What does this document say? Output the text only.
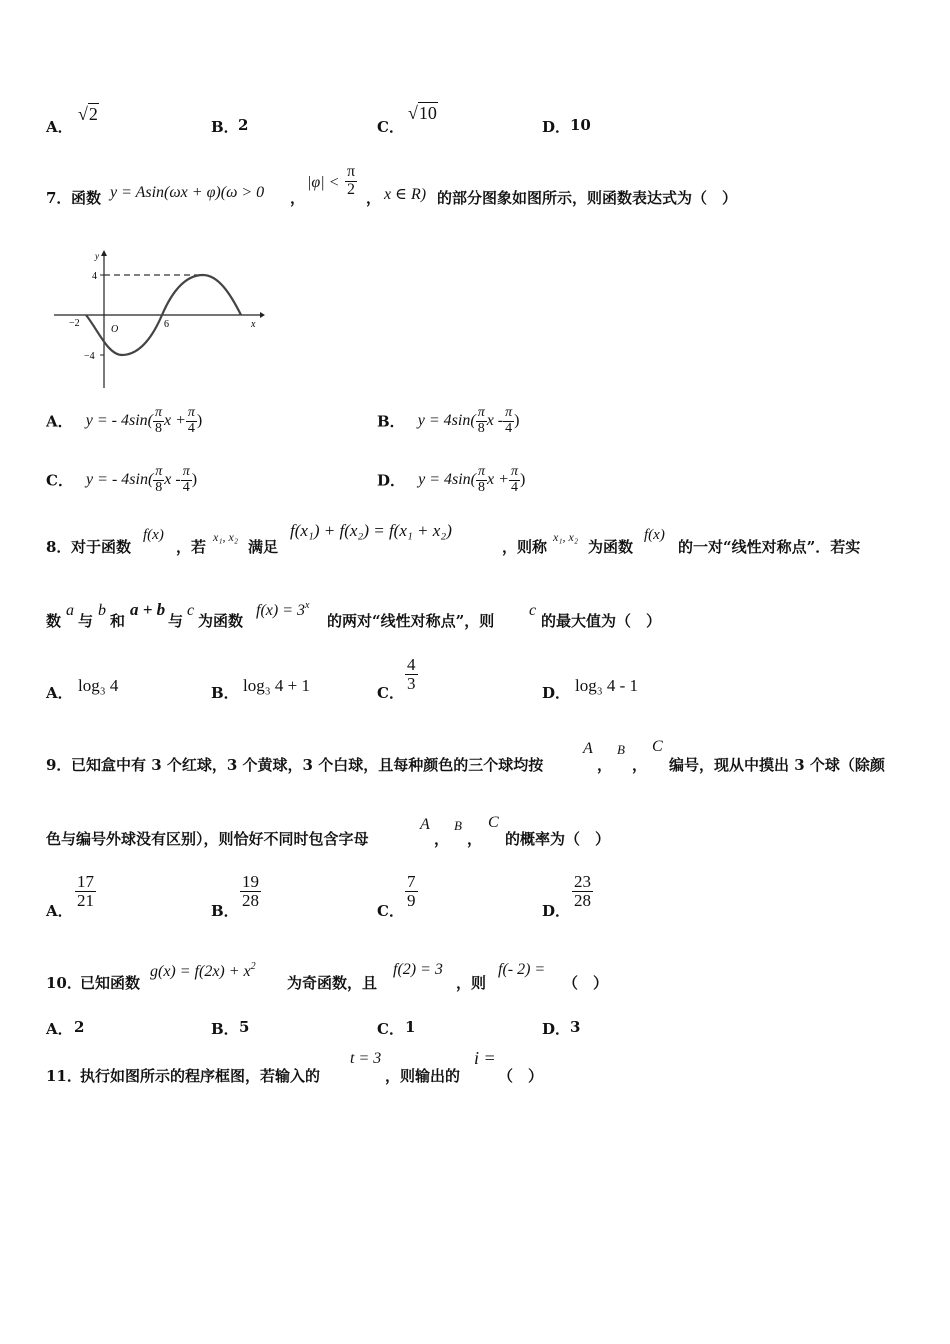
A．
√2
B． 2	C．
√10
D． 10
7． 函数 y = Asin(ωx + φ)(ω > 0 ，
$|\varphi| < \frac{\pi}{2}$ ， x ∈ R) 的部分图象如图所示，则函数表达式为（　）
y
x
O
4
−4
−2	6
A． y = - $4\sin( \frac{\pi}{8}$ $x + \frac{\pi}{4}$ )	B． $y = 4\sin( \frac{\pi}{8}$ x - $\frac{\pi}{4}$ )
C． y = - $4\sin( \frac{\pi}{8}$ x - $\frac{\pi}{4}$ )	D． $y = 4\sin( \frac{\pi}{8}$ $x + \frac{\pi}{4}$ )
8． 对于函数
f(x)
，若
x₁, x₂
满足
f(x₁) + f(x₂) = f(x₁ + x₂)
，则称
x₁, x₂
为函数
f(x)
的一对“线性对称点”．若实
数
a
与
b
和
a + b
与
c
为函数
$f(x) = 3^x$
的两对“线性对称点”，则
c
的最大值为（　）
A． log₃ 4	B． log₃ 4 + 1	C．
$\frac{4}{3}$
D． log₃ 4 - 1
9． 已知盒中有 3 个红球，3 个黄球，3 个白球，且每种颜色的三个球均按
A
，
B
，
C
编号，现从中摸出 3 个球（除颜
色与编号外球没有区别），则恰好不同时包含字母
A
，
B
，
C
的概率为（　）
A．
$\frac{17}{21}$
B．
$\frac{19}{28}$
C．
$\frac{7}{9}$
D．
$\frac{23}{28}$
10．
已知函数
$g(x) = f(2x) + x^2$
为奇函数，且
f(2) = 3
，则
f(- 2) =
（　）
A． 2	B． 5	C． 1	D． 3
11．
执行如图所示的程序框图，若输入的
t = 3
，则输出的
i =
（　）
